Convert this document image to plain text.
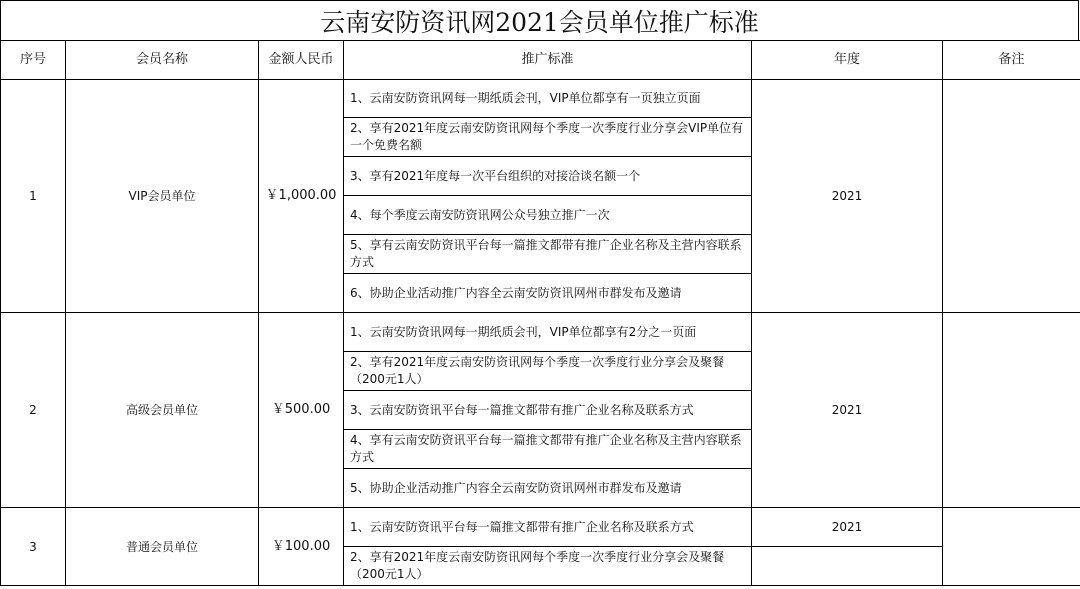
云南安防资讯网2021会员单位推广标准
序号	会员名称	金额人民币	推广标准	年度	备注
1	VIP会员单位	￥1,000.00	1、云南安防资讯网每一期纸质会刊，VIP单位都享有一页独立页面	2021	
			2、享有2021年度云南安防资讯网每个季度一次季度行业分享会VIP单位有一个免费名额		
			3、享有2021年度每一次平台组织的对接洽谈名额一个		
			4、每个季度云南安防资讯网公众号独立推广一次		
			5、享有云南安防资讯平台每一篇推文都带有推广企业名称及主营内容联系方式		
			6、协助企业活动推广内容全云南安防资讯网州市群发布及邀请		
2	高级会员单位	￥500.00	1、云南安防资讯网每一期纸质会刊，VIP单位都享有2分之一页面	2021	
			2、享有2021年度云南安防资讯网每个季度一次季度行业分享会及聚餐（200元1人）		
			3、云南安防资讯平台每一篇推文都带有推广企业名称及联系方式		
			4、享有云南安防资讯平台每一篇推文都带有推广企业名称及主营内容联系方式		
			5、协助企业活动推广内容全云南安防资讯网州市群发布及邀请		
3	普通会员单位	￥100.00	1、云南安防资讯平台每一篇推文都带有推广企业名称及联系方式	2021	
			2、享有2021年度云南安防资讯网每个季度一次季度行业分享会及聚餐（200元1人）		
